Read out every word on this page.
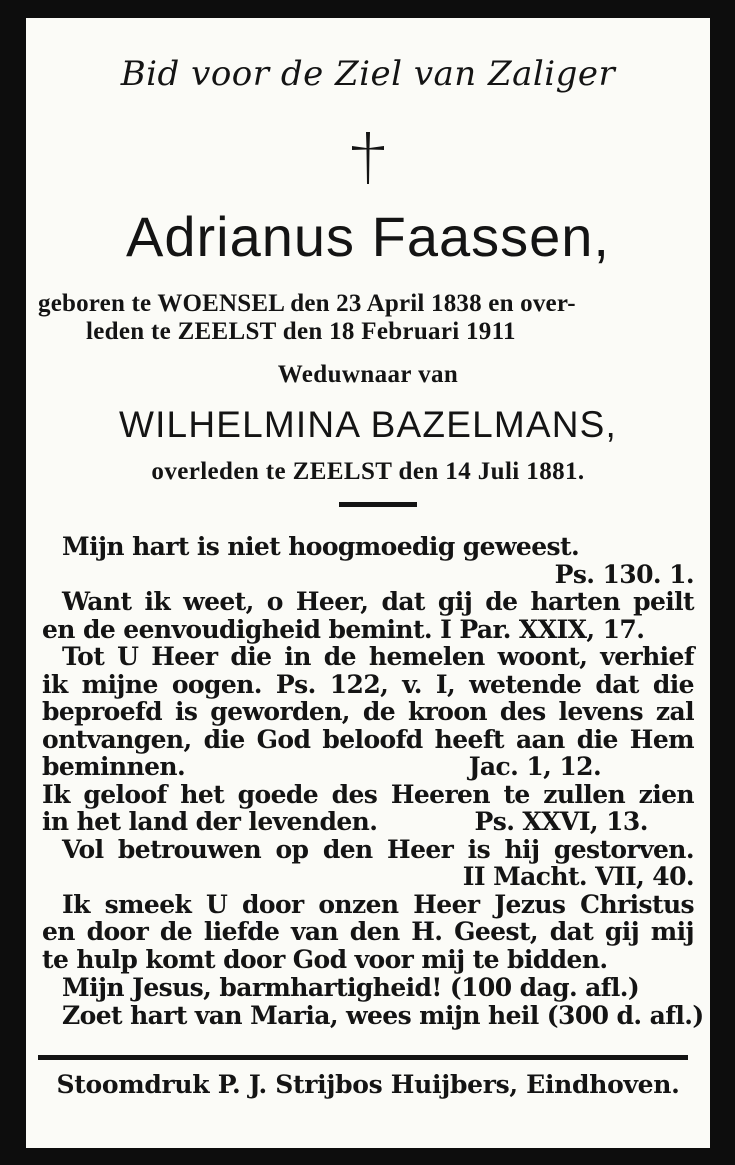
Bid voor de Ziel van Zaliger
Adrianus Faassen,
geboren te WOENSEL den 23 April 1838 en over-
leden te ZEELST den 18 Februari 1911
Weduwnaar van
WILHELMINA BAZELMANS,
overleden te ZEELST den 14 Juli 1881.
Mijn hart is niet hoogmoedig geweest.
Ps. 130. 1.
Want ik weet, o Heer, dat gij de harten peilt
en de eenvoudigheid bemint. I Par. XXIX, 17.
Tot U Heer die in de hemelen woont, verhief
ik mijne oogen. Ps. 122, v. I, wetende dat die
beproefd is geworden, de kroon des levens zal
ontvangen, die God beloofd heeft aan die Hem
beminnen.                                   Jac. 1, 12.
Ik geloof het goede des Heeren te zullen zien
in het land der levenden.            Ps. XXVI, 13.
Vol betrouwen op den Heer is hij gestorven.
II Macht. VII, 40.
Ik smeek U door onzen Heer Jezus Christus
en door de liefde van den H. Geest, dat gij mij
te hulp komt door God voor mij te bidden.
Mijn Jesus, barmhartigheid! (100 dag. afl.)
Zoet hart van Maria, wees mijn heil (300 d. afl.)
Stoomdruk P. J. Strijbos Huijbers, Eindhoven.
